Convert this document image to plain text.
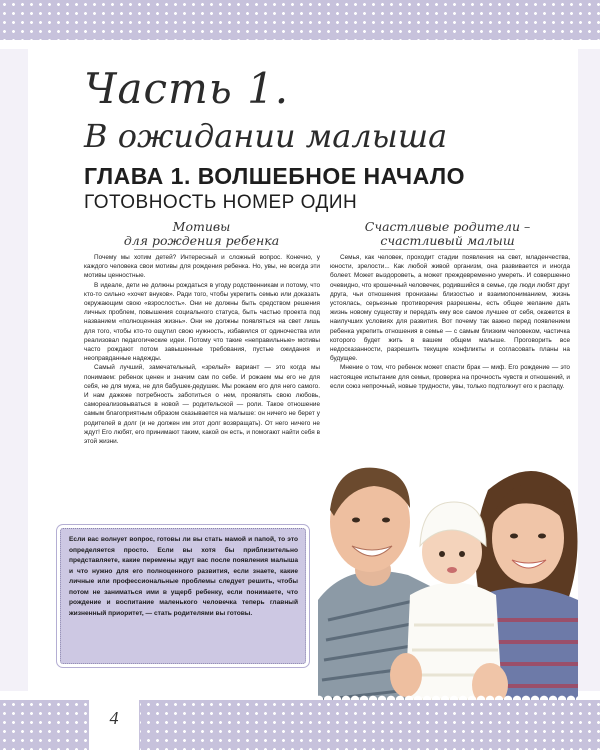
Часть 1.
В ожидании малыша
ГЛАВА 1. ВОЛШЕБНОЕ НАЧАЛО
ГОТОВНОСТЬ НОМЕР ОДИН
Мотивы
для рождения ребенка
Счастливые родители –
счастливый малыш

Почему мы хотим детей? Интересный и сложный вопрос. Конечно, у каждого человека свои мотивы для рождения ребенка. Но, увы, не всегда эти мотивы ценностные.

В идеале, дети не должны рождаться в угоду родственникам и потому, что кто-то сильно «хочет внуков». Ради того, чтобы укрепить семью или доказать окружающим свою «взрослость». Они не должны быть средством решения личных проблем, повышения социального статуса, быть частью проекта под названием «полноценная жизнь». Они не должны появляться на свет лишь для того, чтобы кто-то ощутил свою нужность, избавился от одиночества или реализовал педагогические идеи. Потому что такие «неправильные» мотивы часто рождают потом завышенные требования, пустые ожидания и неоправданные надежды.

Самый лучший, замечательный, «зрелый» вариант — это когда мы понимаем: ребенок ценен и значим сам по себе. И рожаем мы его не для себя, не для мужа, не для бабушек-дедушек. Мы рожаем его для него самого. И нам дажеже потребность заботиться о нем, проявлять свою любовь, самореализовываться в новой — родительской — роли. Такое отношение самым благоприятным образом сказывается на малыше: он ничего не берет у родителей в долг (и не должен им этот долг возвращать). От него ничего не ждут! Его любят, его принимают таким, какой он есть, и помогают найти себя в этой жизни.

Семья, как человек, проходит стадии появления на свет, младенчества, юности, зрелости... Как любой живой организм, она развивается и иногда болеет. Может выздороветь, а может преждевременно умереть. И совершенно очевидно, что крошечный человечек, родившийся в семье, где люди любят друг друга, чьи отношения пронизаны близостью и взаимопониманием, жизнь устоялась, серьезные противоречия разрешены, есть общее желание дать жизнь новому существу и передать ему все самое лучшее от себя, окажется в наилучших условиях для развития. Вот почему так важно перед появлением ребенка укрепить отношения в семье — с самым близким человеком, частичка которого будет жить в вашем общем малыше. Проговорить все недосказанности, разрешить текущие конфликты и согласовать планы на будущее.

Мнение о том, что ребенок может спасти брак — миф. Его рождение — это настоящее испытание для семьи, проверка на прочность чувств и отношений, и если союз непрочный, новые трудности, увы, только подтолкнут его к распаду.

Если вас волнует вопрос, готовы ли вы стать мамой и папой, то это определяется просто. Если вы хотя бы приблизительно представляете, какие перемены ждут вас после появления малыша и что нужно для его полноценного развития, если знаете, какие личные или профессиональные проблемы следует решить, чтобы потом не заниматься ими в ущерб ребенку, если понимаете, что рождение и воспитание маленького человечка теперь главный жизненный приоритет, — стать родителями вы готовы.

4
